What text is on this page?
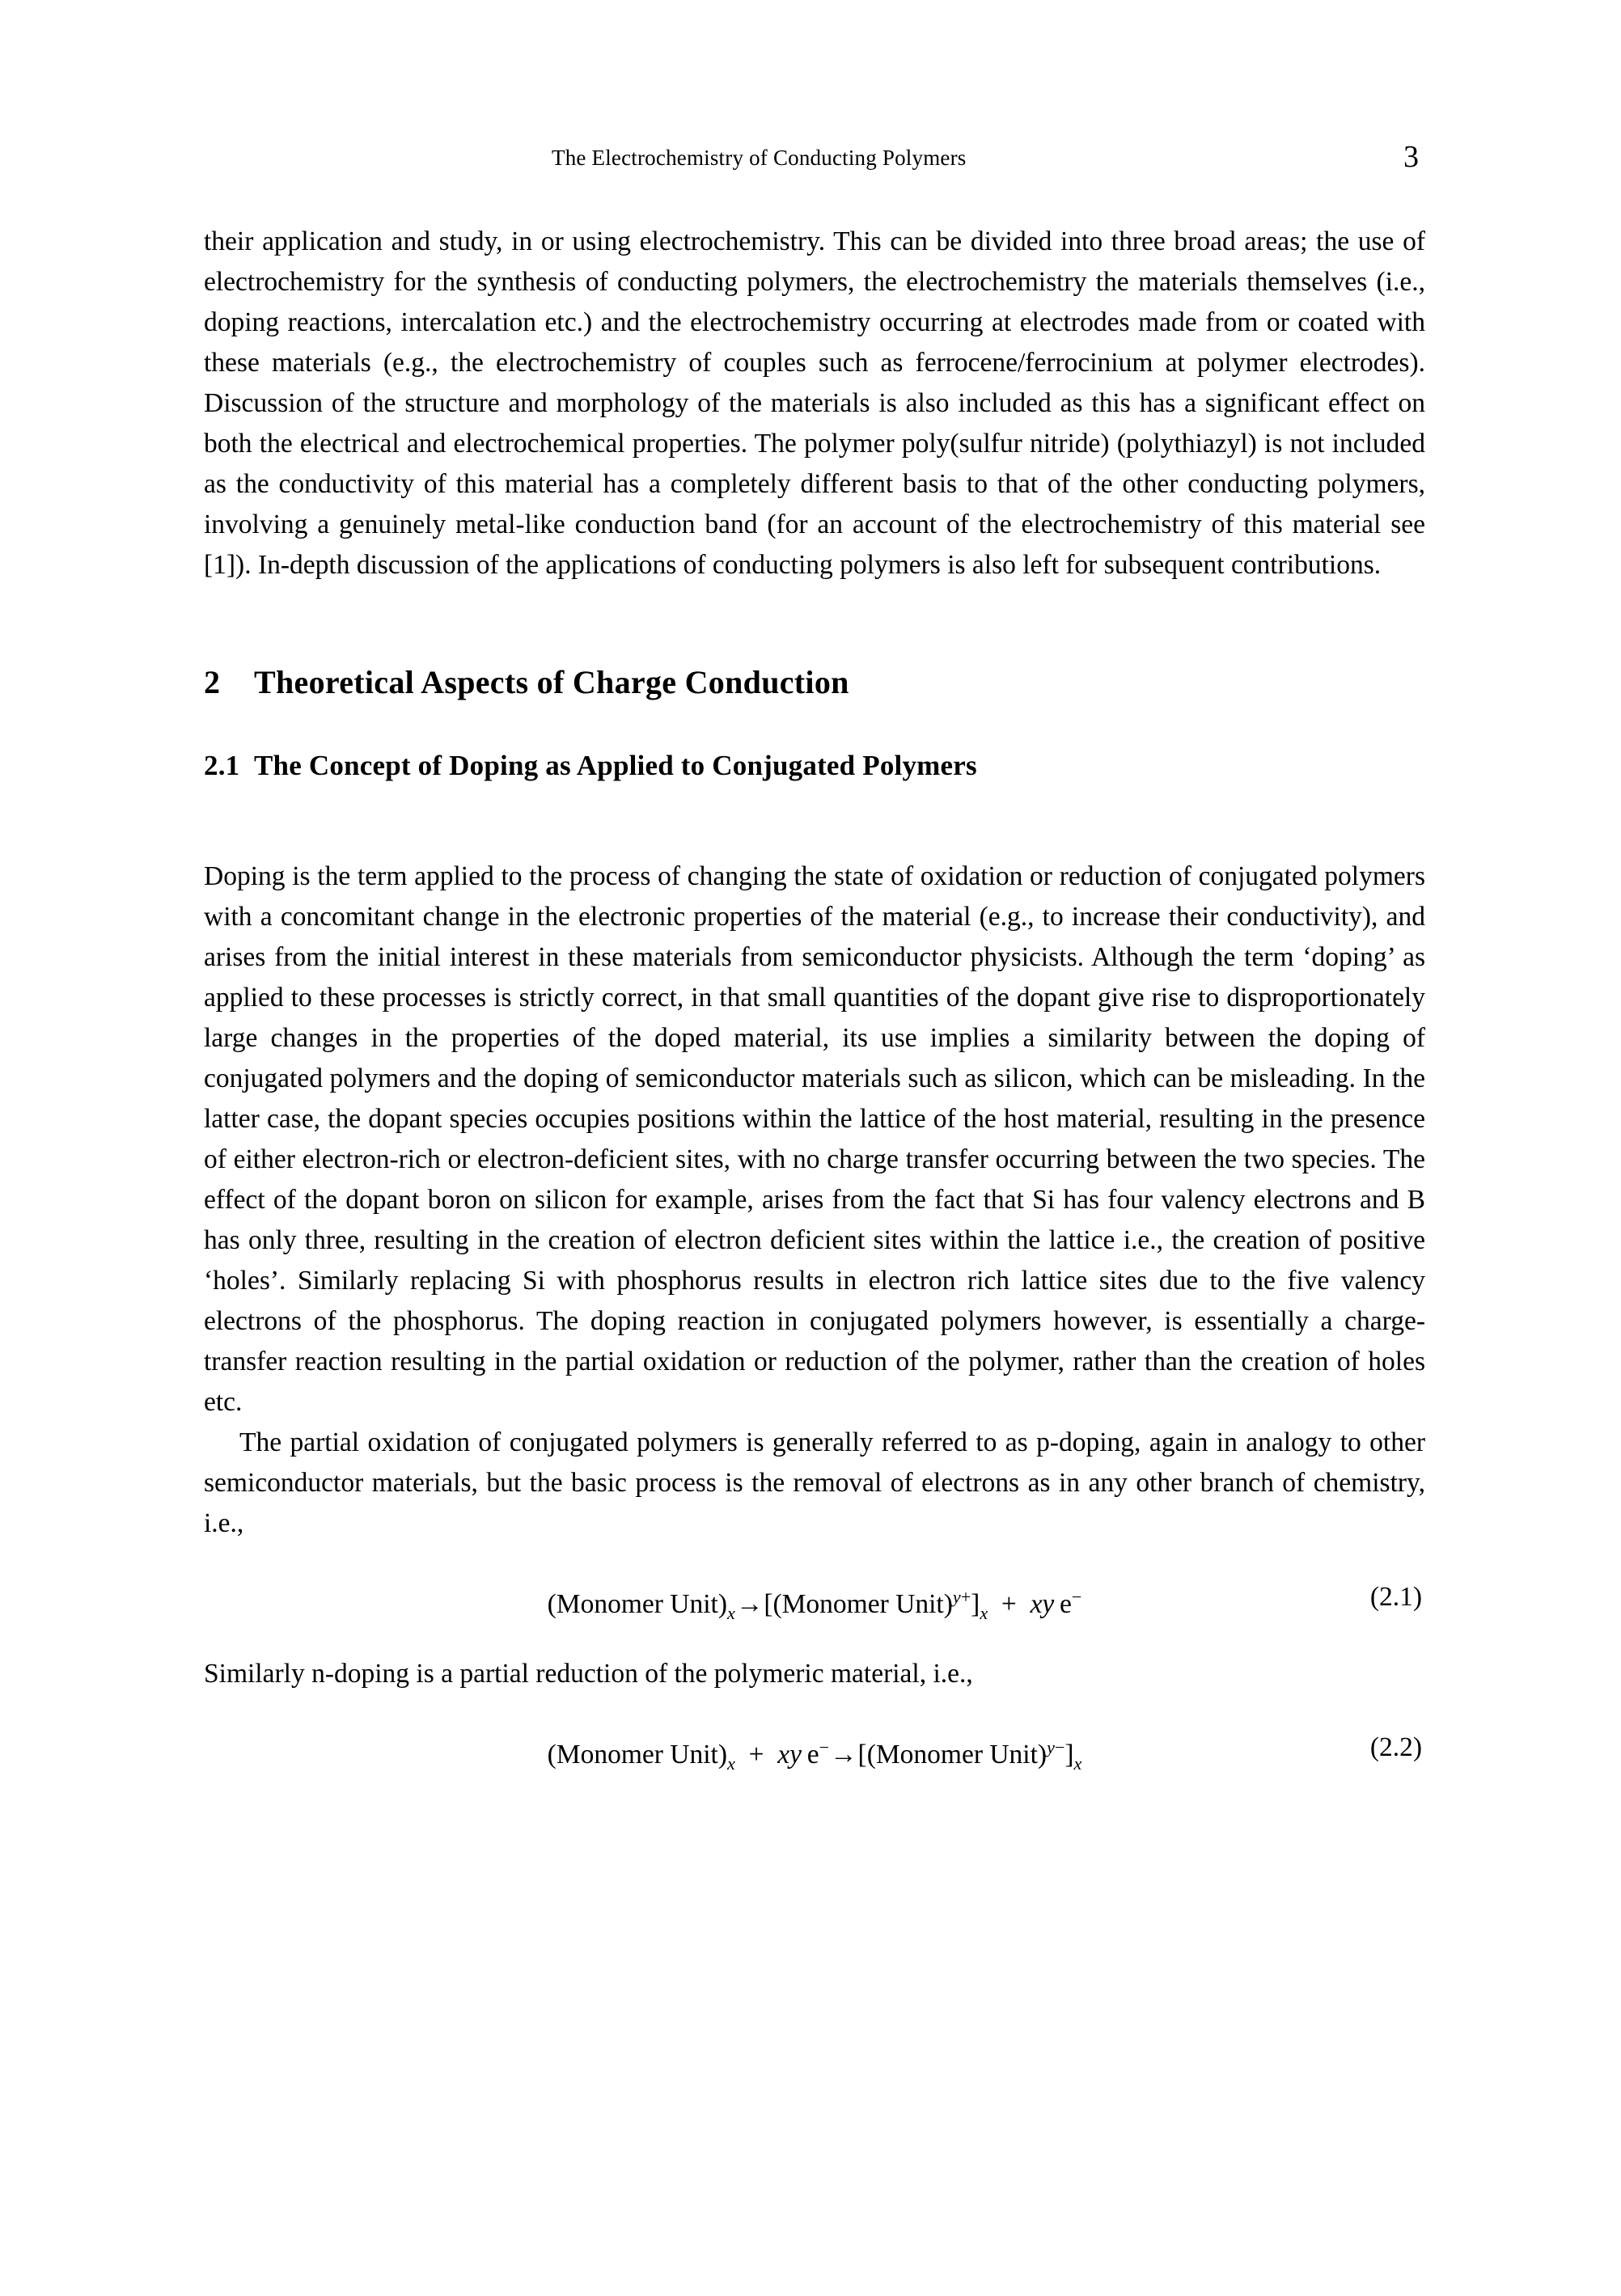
The Electrochemistry of Conducting Polymers	3

their application and study, in or using electrochemistry. This can be divided into three broad areas; the use of electrochemistry for the synthesis of conducting polymers, the electrochemistry the materials themselves (i.e., doping reactions, intercalation etc.) and the electrochemistry occurring at electrodes made from or coated with these materials (e.g., the electrochemistry of couples such as ferrocene/ferrocinium at polymer electrodes). Discussion of the structure and morphology of the materials is also included as this has a significant effect on both the electrical and electrochemical properties. The polymer poly(sulfur nitride) (polythiazyl) is not included as the conductivity of this material has a completely different basis to that of the other conducting polymers, involving a genuinely metal-like conduction band (for an account of the electrochemistry of this material see [1]). In-depth discussion of the applications of conducting polymers is also left for subsequent contributions.

2 Theoretical Aspects of Charge Conduction
2.1 The Concept of Doping as Applied to Conjugated Polymers

Doping is the term applied to the process of changing the state of oxidation or reduction of conjugated polymers with a concomitant change in the electronic properties of the material (e.g., to increase their conductivity), and arises from the initial interest in these materials from semiconductor physicists. Although the term ‘doping’ as applied to these processes is strictly correct, in that small quantities of the dopant give rise to disproportionately large changes in the properties of the doped material, its use implies a similarity between the doping of conjugated polymers and the doping of semiconductor materials such as silicon, which can be misleading. In the latter case, the dopant species occupies positions within the lattice of the host material, resulting in the presence of either electron-rich or electron-deficient sites, with no charge transfer occurring between the two species. The effect of the dopant boron on silicon for example, arises from the fact that Si has four valency electrons and B has only three, resulting in the creation of electron deficient sites within the lattice i.e., the creation of positive ‘holes’. Similarly replacing Si with phosphorus results in electron rich lattice sites due to the five valency electrons of the phosphorus. The doping reaction in conjugated polymers however, is essentially a charge-transfer reaction resulting in the partial oxidation or reduction of the polymer, rather than the creation of holes etc.

The partial oxidation of conjugated polymers is generally referred to as p-doping, again in analogy to other semiconductor materials, but the basic process is the removal of electrons as in any other branch of chemistry, i.e.,

(Monomer $Unit)_x\to[(Monomer$ $Unit)^{y+}]_x$  +  xy e−	(2.1)

Similarly n-doping is a partial reduction of the polymeric material, i.e.,

(Monomer $Unit)_x$  +  xy e−→[(Monomer $Unit)^{y-}]_x$
(2.2)
